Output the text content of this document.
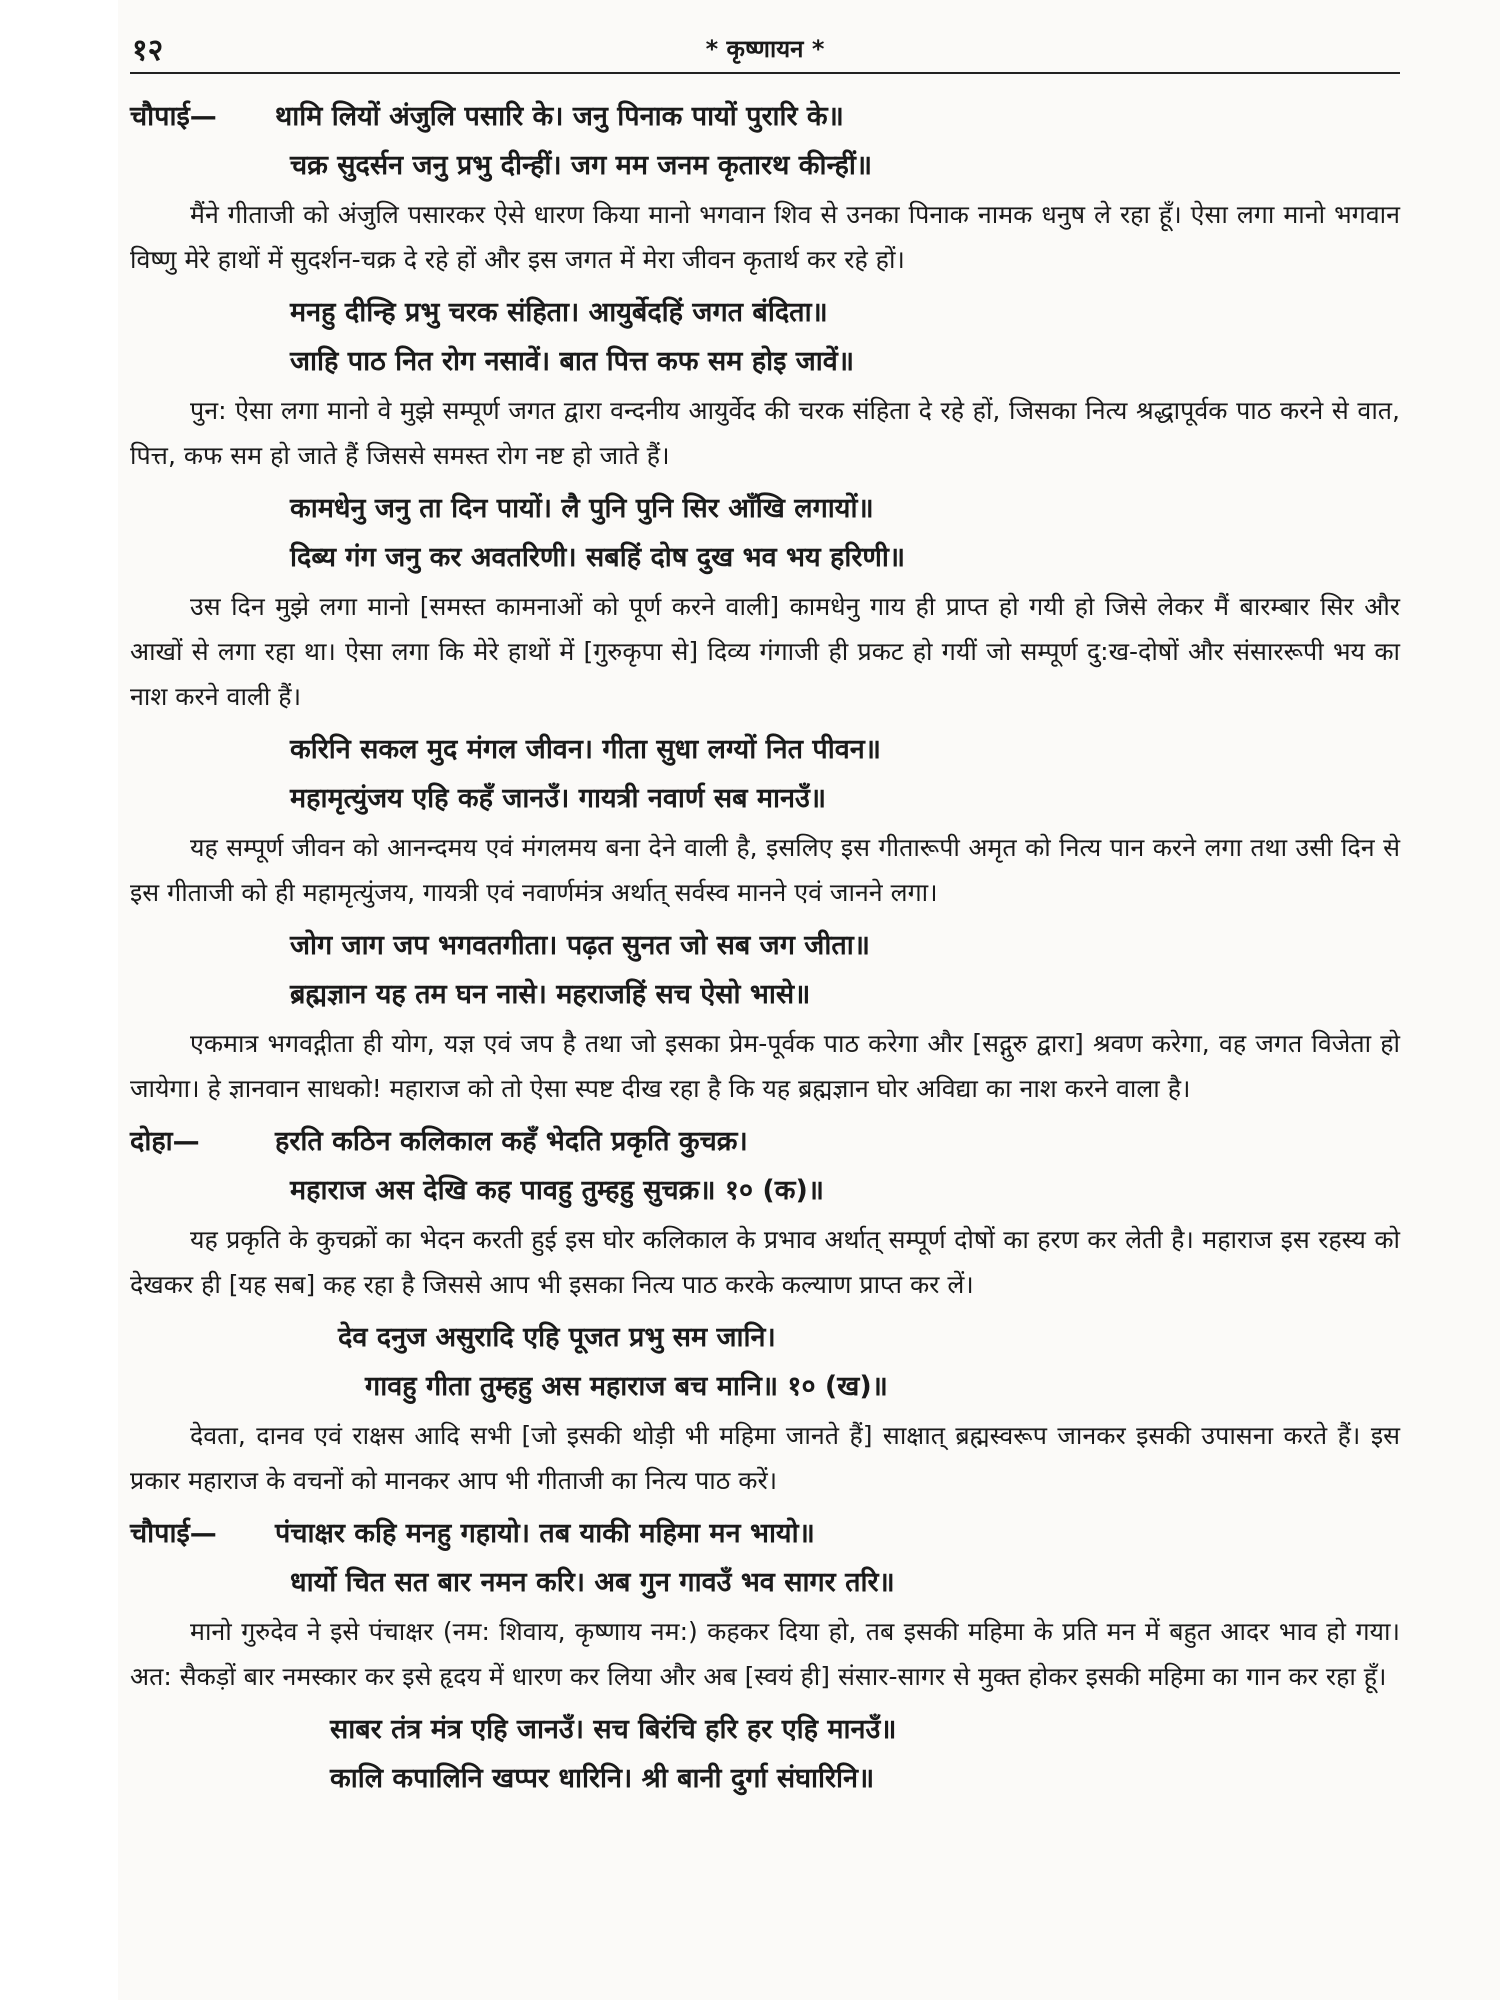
१२	* कृष्णायन *
चौपाई— थामि लियों अंजुलि पसारि के। जनु पिनाक पायों पुरारि के॥
चक्र सुदर्सन जनु प्रभु दीन्हीं। जग मम जनम कृतारथ कीन्हीं॥

मैंने गीताजी को अंजुलि पसारकर ऐसे धारण किया मानो भगवान शिव से उनका पिनाक नामक धनुष ले रहा हूँ। ऐसा लगा मानो भगवान विष्णु मेरे हाथों में सुदर्शन-चक्र दे रहे हों और इस जगत में मेरा जीवन कृतार्थ कर रहे हों।

मनहु दीन्हि प्रभु चरक संहिता। आयुर्बेदहिं जगत बंदिता॥
जाहि पाठ नित रोग नसावें। बात पित्त कफ सम होइ जावें॥

पुन: ऐसा लगा मानो वे मुझे सम्पूर्ण जगत द्वारा वन्दनीय आयुर्वेद की चरक संहिता दे रहे हों, जिसका नित्य श्रद्धापूर्वक पाठ करने से वात, पित्त, कफ सम हो जाते हैं जिससे समस्त रोग नष्ट हो जाते हैं।

कामधेनु जनु ता दिन पायों। लै पुनि पुनि सिर आँखि लगायों॥
दिब्य गंग जनु कर अवतरिणी। सबहिं दोष दुख भव भय हरिणी॥

उस दिन मुझे लगा मानो [समस्त कामनाओं को पूर्ण करने वाली] कामधेनु गाय ही प्राप्त हो गयी हो जिसे लेकर मैं बारम्बार सिर और आखों से लगा रहा था। ऐसा लगा कि मेरे हाथों में [गुरुकृपा से] दिव्य गंगाजी ही प्रकट हो गयीं जो सम्पूर्ण दु:ख-दोषों और संसाररूपी भय का नाश करने वाली हैं।

करिनि सकल मुद मंगल जीवन। गीता सुधा लग्यों नित पीवन॥
महामृत्युंजय एहि कहँ जानउँ। गायत्री नवार्ण सब मानउँ॥

यह सम्पूर्ण जीवन को आनन्दमय एवं मंगलमय बना देने वाली है, इसलिए इस गीतारूपी अमृत को नित्य पान करने लगा तथा उसी दिन से इस गीताजी को ही महामृत्युंजय, गायत्री एवं नवार्णमंत्र अर्थात् सर्वस्व मानने एवं जानने लगा।

जोग जाग जप भगवतगीता। पढ़त सुनत जो सब जग जीता॥
ब्रह्मज्ञान यह तम घन नासे। महराजहिं सच ऐसो भासे॥

एकमात्र भगवद्गीता ही योग, यज्ञ एवं जप है तथा जो इसका प्रेम-पूर्वक पाठ करेगा और [सद्गुरु द्वारा] श्रवण करेगा, वह जगत विजेता हो जायेगा। हे ज्ञानवान साधको! महाराज को तो ऐसा स्पष्ट दीख रहा है कि यह ब्रह्मज्ञान घोर अविद्या का नाश करने वाला है।

दोहा—	हरति कठिन कलिकाल कहँ भेदति प्रकृति कुचक्र।
महाराज अस देखि कह पावहु तुम्हहु सुचक्र॥ १० (क)॥

यह प्रकृति के कुचक्रों का भेदन करती हुई इस घोर कलिकाल के प्रभाव अर्थात् सम्पूर्ण दोषों का हरण कर लेती है। महाराज इस रहस्य को देखकर ही [यह सब] कह रहा है जिससे आप भी इसका नित्य पाठ करके कल्याण प्राप्त कर लें।

देव दनुज असुरादि एहि पूजत प्रभु सम जानि।
गावहु गीता तुम्हहु अस महाराज बच मानि॥ १० (ख)॥

देवता, दानव एवं राक्षस आदि सभी [जो इसकी थोड़ी भी महिमा जानते हैं] साक्षात् ब्रह्मस्वरूप जानकर इसकी उपासना करते हैं। इस प्रकार महाराज के वचनों को मानकर आप भी गीताजी का नित्य पाठ करें।

चौपाई— पंचाक्षर कहि मनहु गहायो। तब याकी महिमा मन भायो॥
धार्यो चित सत बार नमन करि। अब गुन गावउँ भव सागर तरि॥

मानो गुरुदेव ने इसे पंचाक्षर (नम: शिवाय, कृष्णाय नम:) कहकर दिया हो, तब इसकी महिमा के प्रति मन में बहुत आदर भाव हो गया। अत: सैकड़ों बार नमस्कार कर इसे हृदय में धारण कर लिया और अब [स्वयं ही] संसार-सागर से मुक्त होकर इसकी महिमा का गान कर रहा हूँ।

साबर तंत्र मंत्र एहि जानउँ। सच बिरंचि हरि हर एहि मानउँ॥
कालि कपालिनि खप्पर धारिनि। श्री बानी दुर्गा संघारिनि॥
